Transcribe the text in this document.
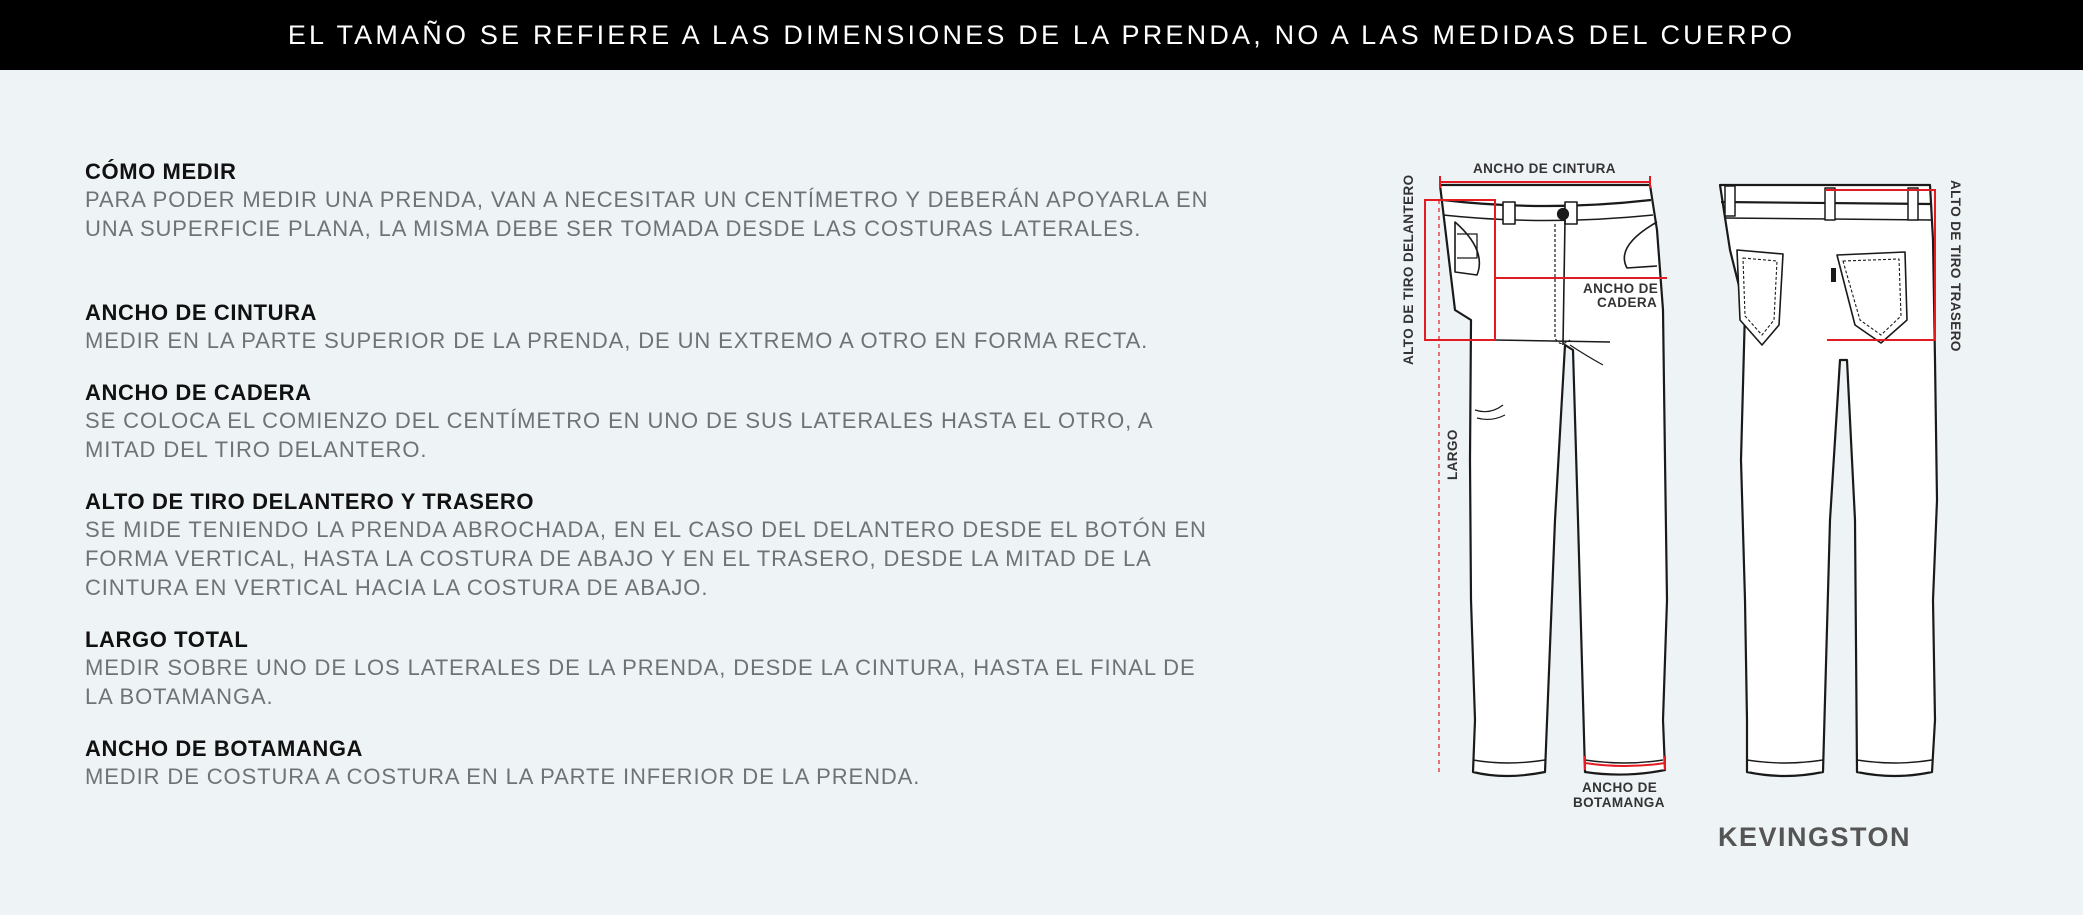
EL TAMAÑO SE REFIERE A LAS DIMENSIONES DE LA PRENDA, NO A LAS MEDIDAS DEL CUERPO
CÓMO MEDIR
PARA PODER MEDIR UNA PRENDA, VAN A NECESITAR UN CENTÍMETRO Y DEBERÁN APOYARLA EN UNA SUPERFICIE PLANA, LA MISMA DEBE SER TOMADA DESDE LAS COSTURAS LATERALES.
ANCHO DE CINTURA
MEDIR EN LA PARTE SUPERIOR DE LA PRENDA, DE UN EXTREMO A OTRO EN FORMA RECTA.
ANCHO DE CADERA
SE COLOCA EL COMIENZO DEL CENTÍMETRO EN UNO DE SUS LATERALES HASTA EL OTRO, A MITAD DEL TIRO DELANTERO.
ALTO DE TIRO DELANTERO Y TRASERO
SE MIDE TENIENDO LA PRENDA ABROCHADA, EN EL CASO DEL DELANTERO DESDE EL BOTÓN EN FORMA VERTICAL, HASTA LA COSTURA DE ABAJO Y EN EL TRASERO, DESDE LA MITAD DE LA CINTURA EN VERTICAL HACIA LA COSTURA DE ABAJO.
LARGO TOTAL
MEDIR SOBRE UNO DE LOS LATERALES DE LA PRENDA, DESDE LA CINTURA, HASTA EL FINAL DE LA BOTAMANGA.
ANCHO DE BOTAMANGA
MEDIR DE COSTURA A COSTURA EN LA PARTE INFERIOR DE LA PRENDA.
ANCHO DE CINTURA
ANCHO DE
CADERA
ALTO DE TIRO DELANTERO	ALTO DE TIRO TRASERO
LARGO
ANCHO DE
BOTAMANGA
KEVINGSTON
